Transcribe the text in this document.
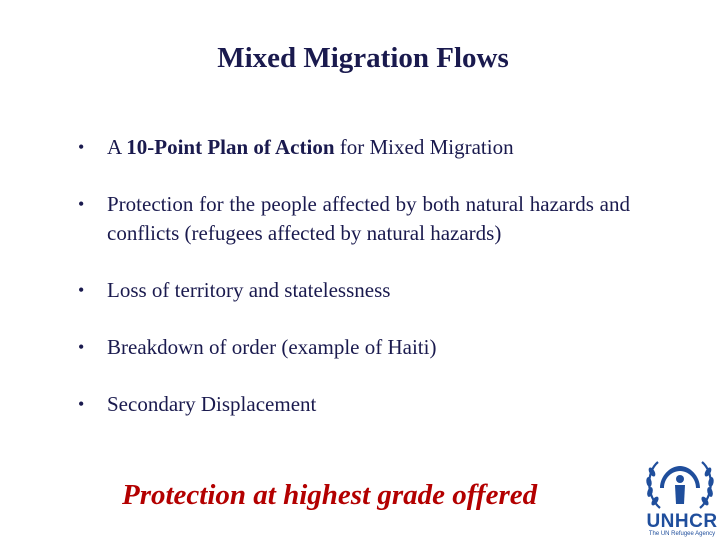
Mixed Migration Flows
• A 10-Point Plan of Action for Mixed Migration
• Protection for the people affected by both natural hazards and conflicts (refugees affected by natural hazards)
• Loss of territory and statelessness
• Breakdown of order (example of Haiti)
• Secondary Displacement
Protection at highest grade offered
UNHCR
The UN Refugee Agency
